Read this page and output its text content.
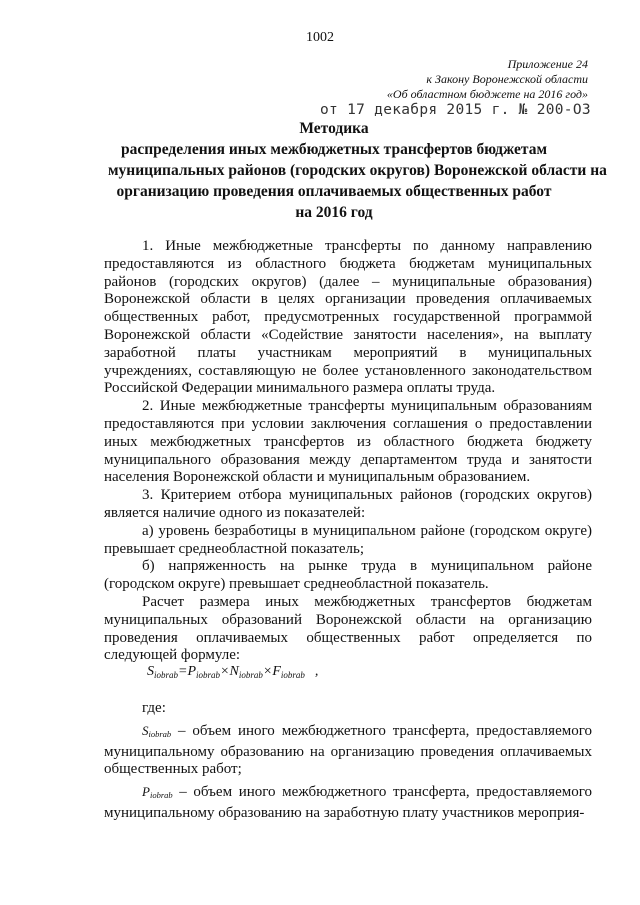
1002
Приложение 24
к Закону Воронежской области
«Об областном бюджете на 2016 год»
от 17 декабря 2015 г. № 200-ОЗ
Методика
распределения иных межбюджетных трансфертов бюджетам
муниципальных районов (городских округов) Воронежской области на
организацию проведения оплачиваемых общественных работ
на 2016 год

1. Иные межбюджетные трансферты по данному направлению предоставляются из областного бюджета бюджетам муниципальных районов (городских округов) (далее – муниципальные образования) Воронежской области в целях организации проведения оплачиваемых общественных работ, предусмотренных государственной программой Воронежской области «Содействие занятости населения», на выплату заработной платы участникам мероприятий в муниципальных учреждениях, составляющую не более установленного законодательством Российской Федерации минимального размера оплаты труда.

2. Иные межбюджетные трансферты муниципальным образованиям предоставляются при условии заключения соглашения о предоставлении иных межбюджетных трансфертов из областного бюджета бюджету муниципального образования между департаментом труда и занятости населения Воронежской области и муниципальным образованием.

3. Критерием отбора муниципальных районов (городских округов) является наличие одного из показателей:

а) уровень безработицы в муниципальном районе (городском округе) превышает среднеобластной показатель;

б) напряженность на рынке труда в муниципальном районе (городском округе) превышает среднеобластной показатель.

Расчет размера иных межбюджетных трансфертов бюджетам муниципальных образований Воронежской области на организацию проведения оплачиваемых общественных работ определяется по следующей формуле:

$S_{iobrab}=P_{iobrab}\times N_{iobrab}\times F_{iobrab}$ ,

где:

$S_{iobrab}$ – объем иного межбюджетного трансферта, предоставляемого муниципальному образованию на организацию проведения оплачиваемых общественных работ;

$P_{iobrab}$ – объем иного межбюджетного трансферта, предоставляемого муниципальному образованию на заработную плату участников мероприя-
